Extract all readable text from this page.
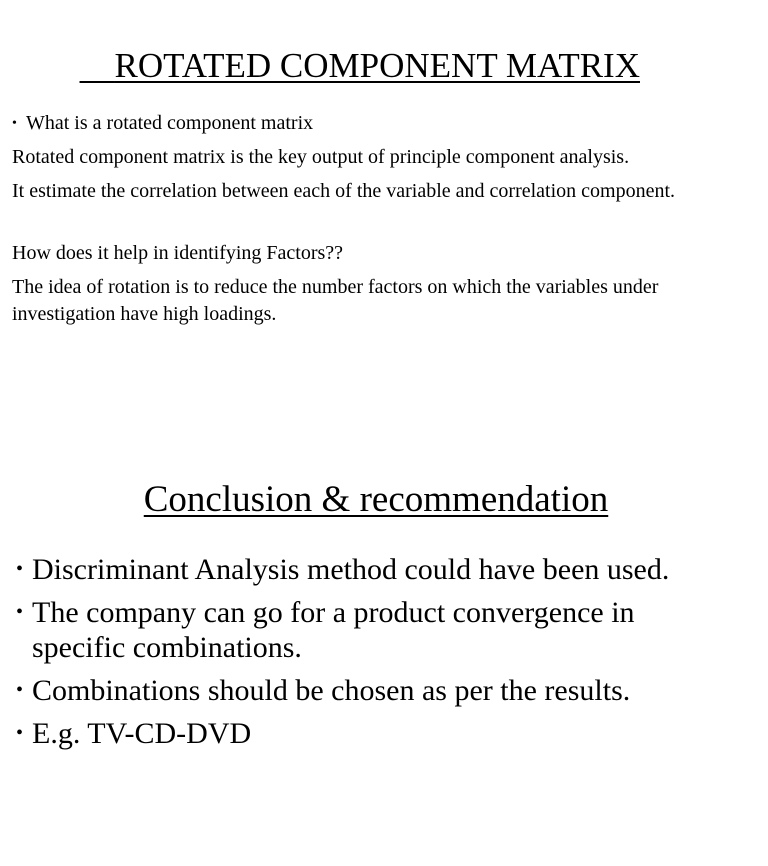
ROTATED COMPONENT MATRIX

• What is a rotated component matrix

Rotated component matrix is the key output of principle component analysis.

It estimate the correlation between each of the variable and correlation component.

How does it help in identifying Factors??

The idea of rotation is to reduce the number factors on which the variables under investigation have high loadings.

Conclusion & recommendation
• Discriminant Analysis method could have been used.
• The company can go for a product convergence in specific combinations.
• Combinations should be chosen as per the results.
• E.g. TV-CD-DVD
